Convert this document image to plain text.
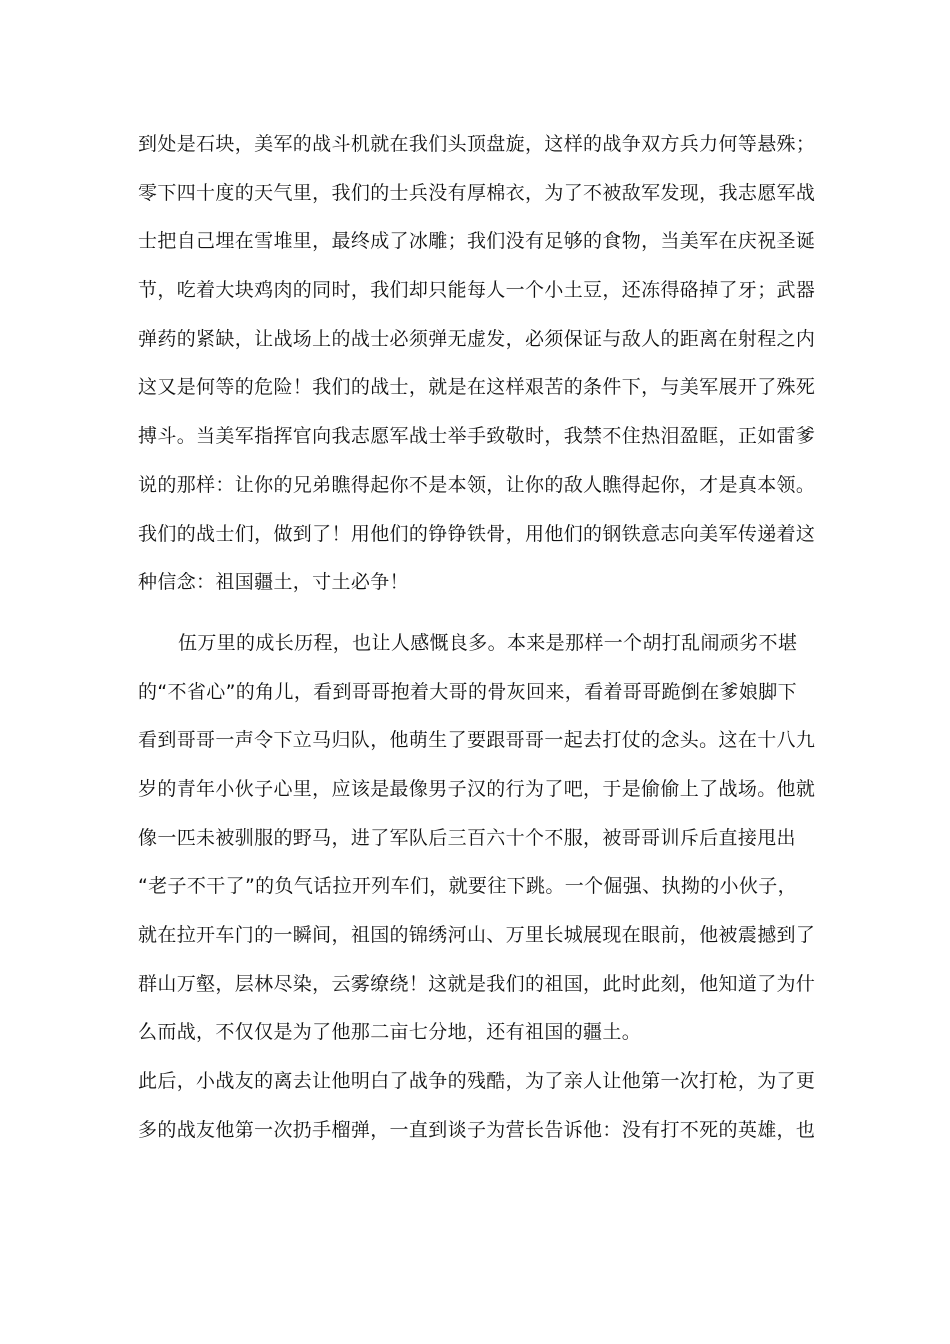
到处是石块，美军的战斗机就在我们头顶盘旋，这样的战争双方兵力何等悬殊；
零下四十度的天气里，我们的士兵没有厚棉衣，为了不被敌军发现，我志愿军战
士把自己埋在雪堆里，最终成了冰雕；我们没有足够的食物，当美军在庆祝圣诞
节，吃着大块鸡肉的同时，我们却只能每人一个小土豆，还冻得硌掉了牙；武器
弹药的紧缺，让战场上的战士必须弹无虚发，必须保证与敌人的距离在射程之内
这又是何等的危险！我们的战士，就是在这样艰苦的条件下，与美军展开了殊死
搏斗。当美军指挥官向我志愿军战士举手致敬时，我禁不住热泪盈眶，正如雷爹
说的那样：让你的兄弟瞧得起你不是本领，让你的敌人瞧得起你，才是真本领。
我们的战士们，做到了！用他们的铮铮铁骨，用他们的钢铁意志向美军传递着这
种信念：祖国疆土，寸土必争！
伍万里的成长历程，也让人感慨良多。本来是那样一个胡打乱闹顽劣不堪
的“不省心”的角儿，看到哥哥抱着大哥的骨灰回来，看着哥哥跪倒在爹娘脚下
看到哥哥一声令下立马归队，他萌生了要跟哥哥一起去打仗的念头。这在十八九
岁的青年小伙子心里，应该是最像男子汉的行为了吧，于是偷偷上了战场。他就
像一匹未被驯服的野马，进了军队后三百六十个不服，被哥哥训斥后直接甩出
“老子不干了”的负气话拉开列车们，就要往下跳。一个倔强、执拗的小伙子，
就在拉开车门的一瞬间，祖国的锦绣河山、万里长城展现在眼前，他被震撼到了
群山万壑，层林尽染，云雾缭绕！这就是我们的祖国，此时此刻，他知道了为什
么而战，不仅仅是为了他那二亩七分地，还有祖国的疆土。
此后，小战友的离去让他明白了战争的残酷，为了亲人让他第一次打枪，为了更
多的战友他第一次扔手榴弹，一直到谈子为营长告诉他：没有打不死的英雄，也
